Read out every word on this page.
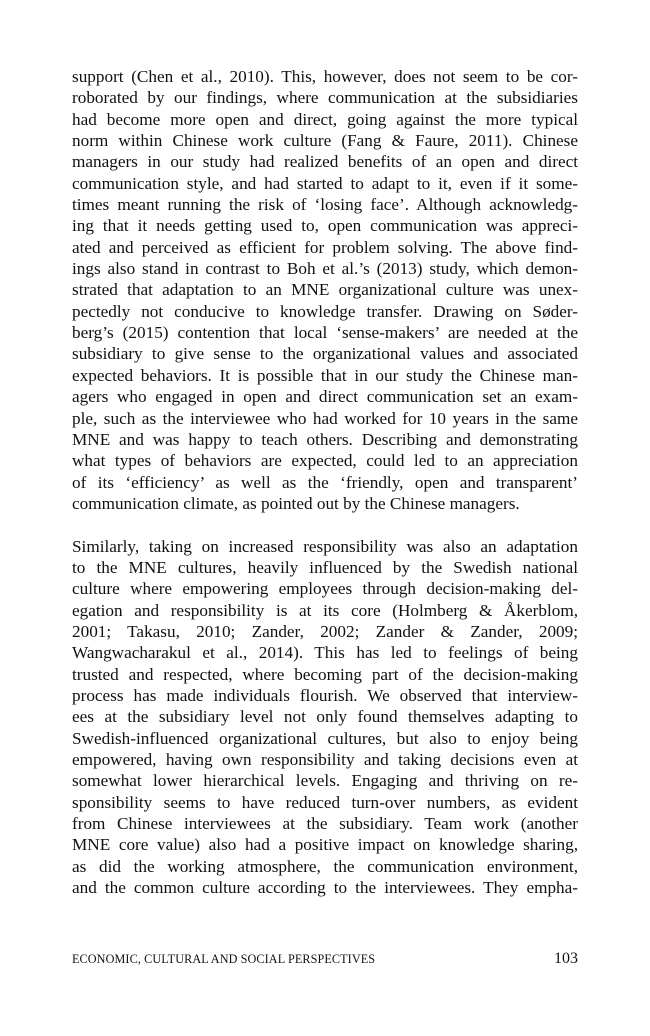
support (Chen et al., 2010). This, however, does not seem to be cor-
roborated by our findings, where communication at the subsidiaries
had become more open and direct, going against the more typical
norm within Chinese work culture (Fang & Faure, 2011). Chinese
managers in our study had realized benefits of an open and direct
communication style, and had started to adapt to it, even if it some-
times meant running the risk of ‘losing face’. Although acknowledg-
ing that it needs getting used to, open communication was appreci-
ated and perceived as efficient for problem solving. The above find-
ings also stand in contrast to Boh et al.’s (2013) study, which demon-
strated that adaptation to an MNE organizational culture was unex-
pectedly not conducive to knowledge transfer. Drawing on Søder-
berg’s (2015) contention that local ‘sense-makers’ are needed at the
subsidiary to give sense to the organizational values and associated
expected behaviors. It is possible that in our study the Chinese man-
agers who engaged in open and direct communication set an exam-
ple, such as the interviewee who had worked for 10 years in the same
MNE and was happy to teach others. Describing and demonstrating
what types of behaviors are expected, could led to an appreciation
of its ‘efficiency’ as well as the ‘friendly, open and transparent’
communication climate, as pointed out by the Chinese managers.
Similarly, taking on increased responsibility was also an adaptation
to the MNE cultures, heavily influenced by the Swedish national
culture where empowering employees through decision-making del-
egation and responsibility is at its core (Holmberg & Åkerblom,
2001; Takasu, 2010; Zander, 2002; Zander & Zander, 2009;
Wangwacharakul et al., 2014). This has led to feelings of being
trusted and respected, where becoming part of the decision-making
process has made individuals flourish. We observed that interview-
ees at the subsidiary level not only found themselves adapting to
Swedish-influenced organizational cultures, but also to enjoy being
empowered, having own responsibility and taking decisions even at
somewhat lower hierarchical levels. Engaging and thriving on re-
sponsibility seems to have reduced turn-over numbers, as evident
from Chinese interviewees at the subsidiary. Team work (another
MNE core value) also had a positive impact on knowledge sharing,
as did the working atmosphere, the communication environment,
and the common culture according to the interviewees. They empha-
ECONOMIC, CULTURAL AND SOCIAL PERSPECTIVES	103
